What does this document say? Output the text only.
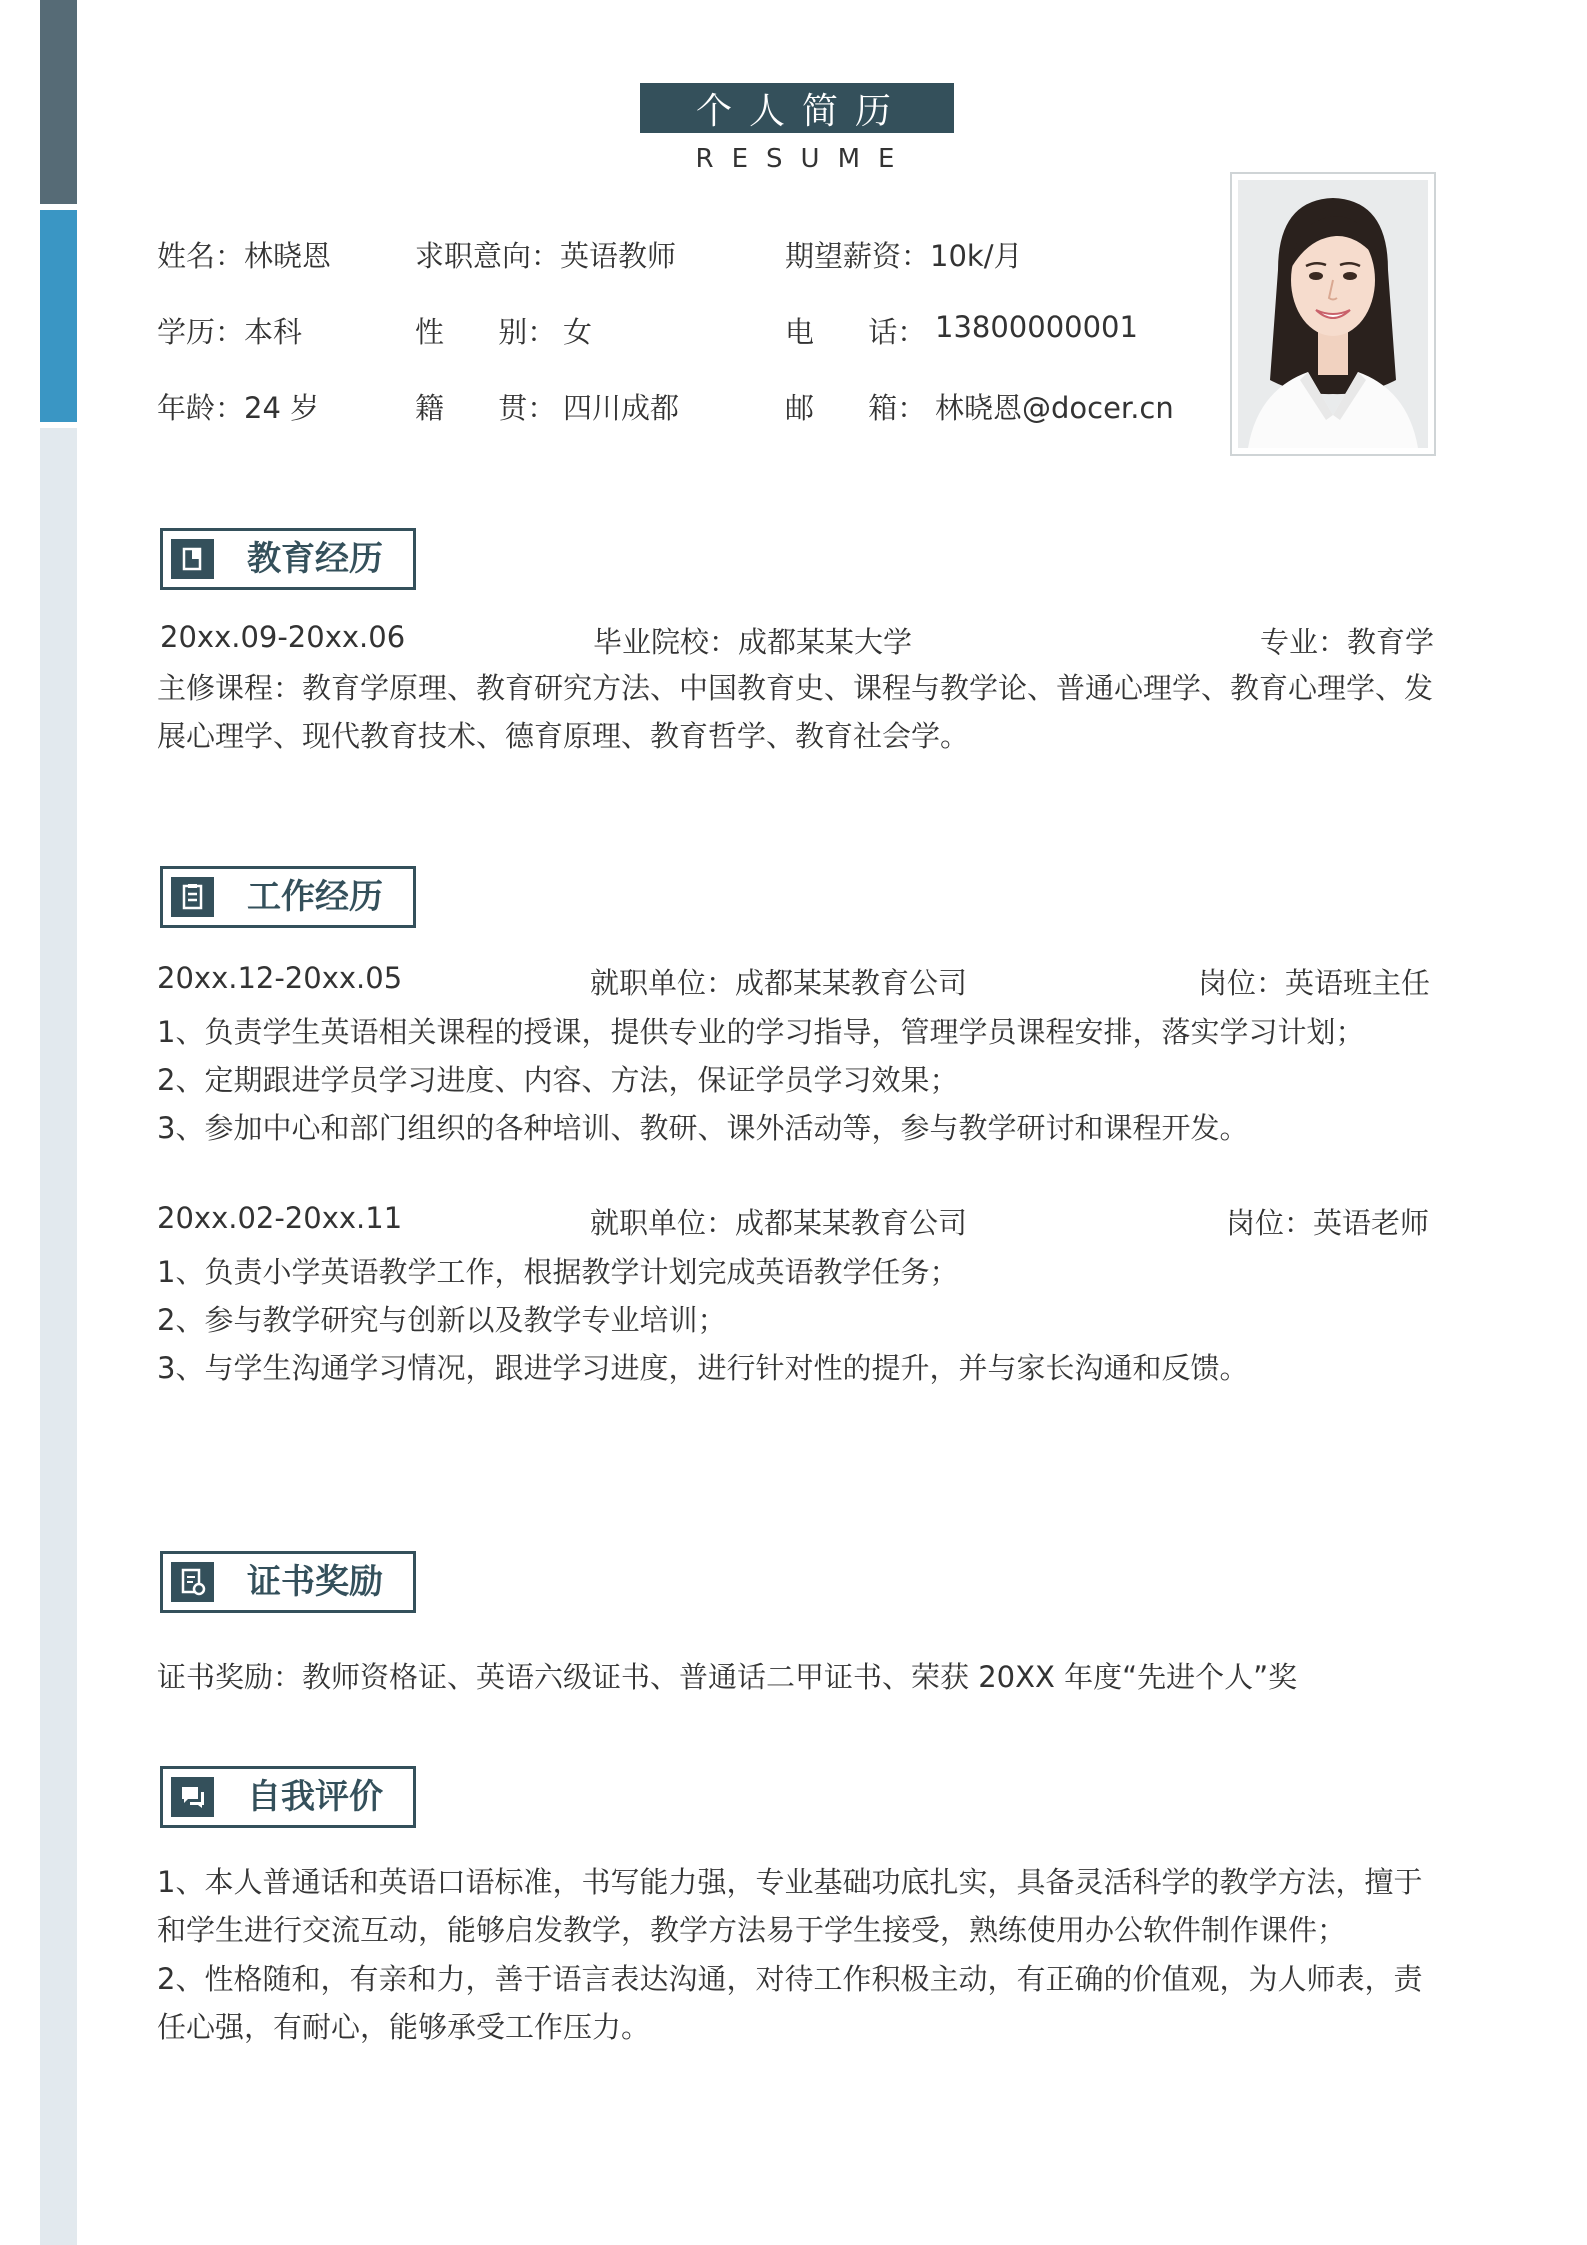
个人简历
RESUME
姓名：林晓恩	求职意向：英语教师	期望薪资：10k/月
学历：本科	性 别： 女	电 话： 13800000001
年龄：24 岁	籍 贯： 四川成都	邮 箱： 林晓恩@docer.cn
教育经历
20xx.09-20xx.06	毕业院校：成都某某大学	专业：教育学
主修课程：教育学原理、教育研究方法、中国教育史、课程与教学论、普通心理学、教育心理学、发展心理学、现代教育技术、德育原理、教育哲学、教育社会学。
工作经历
20xx.12-20xx.05	就职单位：成都某某教育公司	岗位：英语班主任
1、负责学生英语相关课程的授课，提供专业的学习指导，管理学员课程安排，落实学习计划；
2、定期跟进学员学习进度、内容、方法，保证学员学习效果；
3、参加中心和部门组织的各种培训、教研、课外活动等，参与教学研讨和课程开发。
20xx.02-20xx.11	就职单位：成都某某教育公司	岗位：英语老师
1、负责小学英语教学工作，根据教学计划完成英语教学任务；
2、参与教学研究与创新以及教学专业培训；
3、与学生沟通学习情况，跟进学习进度，进行针对性的提升，并与家长沟通和反馈。
证书奖励
证书奖励：教师资格证、英语六级证书、普通话二甲证书、荣获 20XX 年度“先进个人”奖
自我评价
1、本人普通话和英语口语标准，书写能力强，专业基础功底扎实，具备灵活科学的教学方法，擅于和学生进行交流互动，能够启发教学，教学方法易于学生接受，熟练使用办公软件制作课件；
2、性格随和，有亲和力，善于语言表达沟通，对待工作积极主动，有正确的价值观，为人师表，责任心强，有耐心，能够承受工作压力。
